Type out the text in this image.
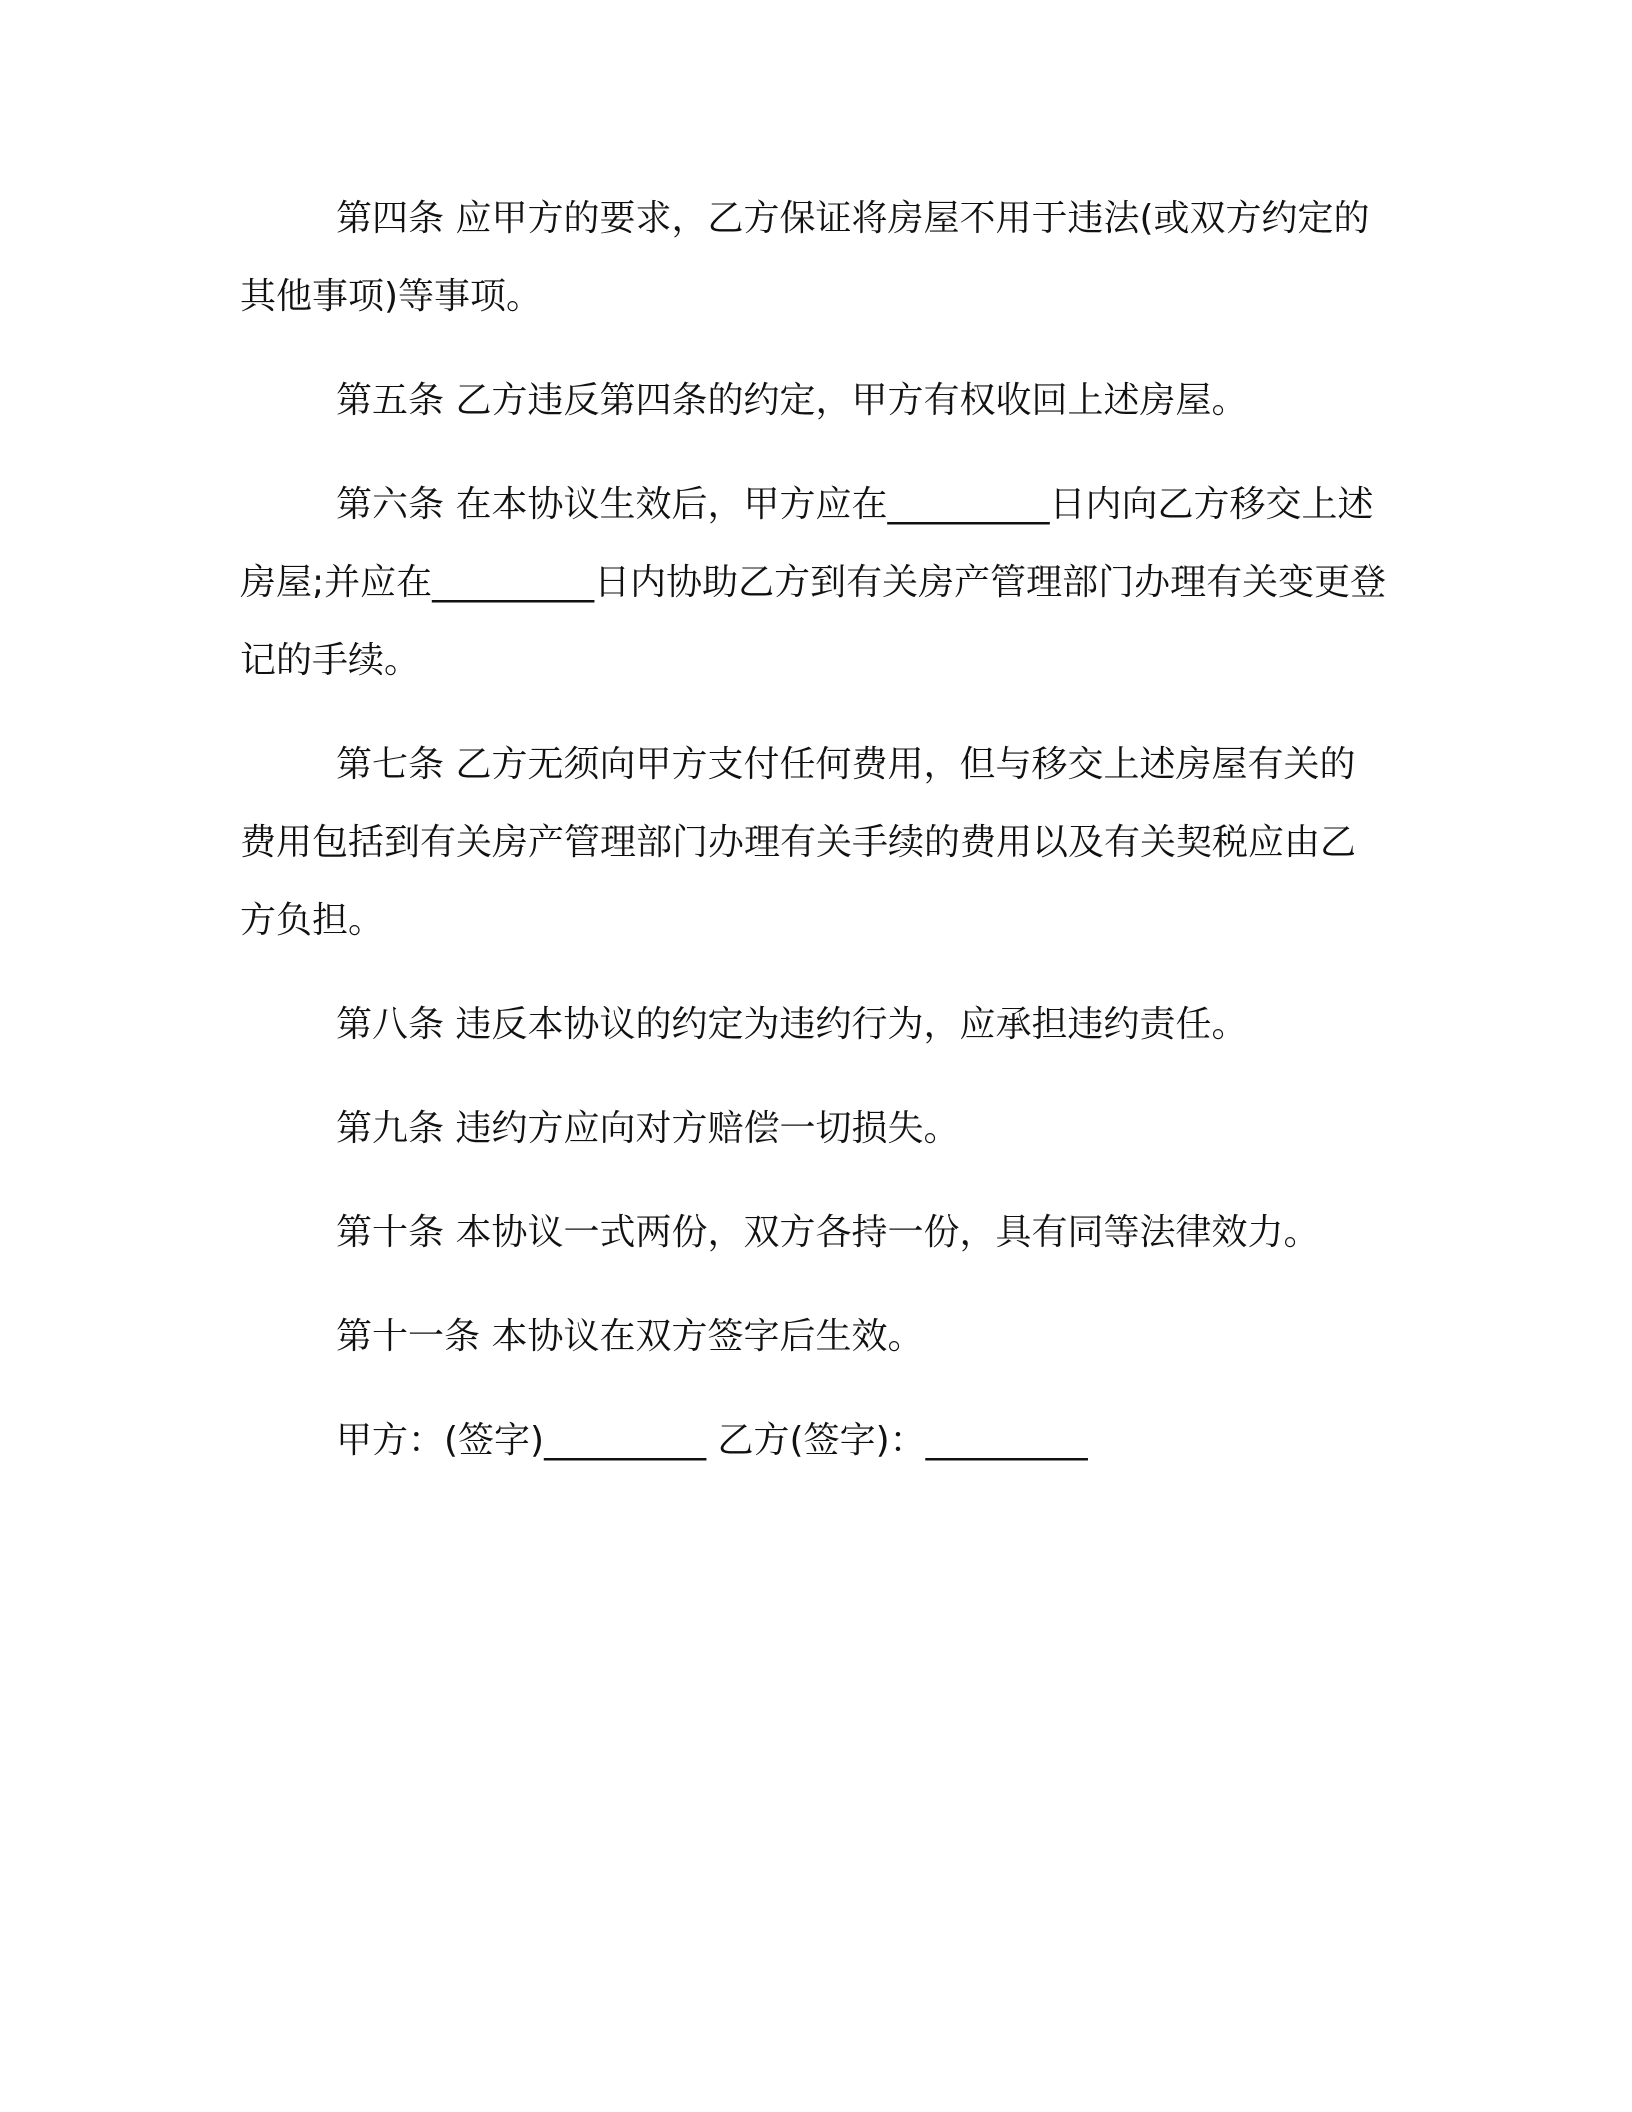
第四条 应甲方的要求，乙方保证将房屋不用于违法(或双方约定的其他事项)等事项。

第五条 乙方违反第四条的约定，甲方有权收回上述房屋。

第六条 在本协议生效后，甲方应在_________日内向乙方移交上述房屋;并应在_________日内协助乙方到有关房产管理部门办理有关变更登记的手续。

第七条 乙方无须向甲方支付任何费用，但与移交上述房屋有关的费用包括到有关房产管理部门办理有关手续的费用以及有关契税应由乙方负担。

第八条 违反本协议的约定为违约行为，应承担违约责任。

第九条 违约方应向对方赔偿一切损失。

第十条 本协议一式两份，双方各持一份，具有同等法律效力。

第十一条 本协议在双方签字后生效。

甲方：(签字)_________ 乙方(签字)：_________
